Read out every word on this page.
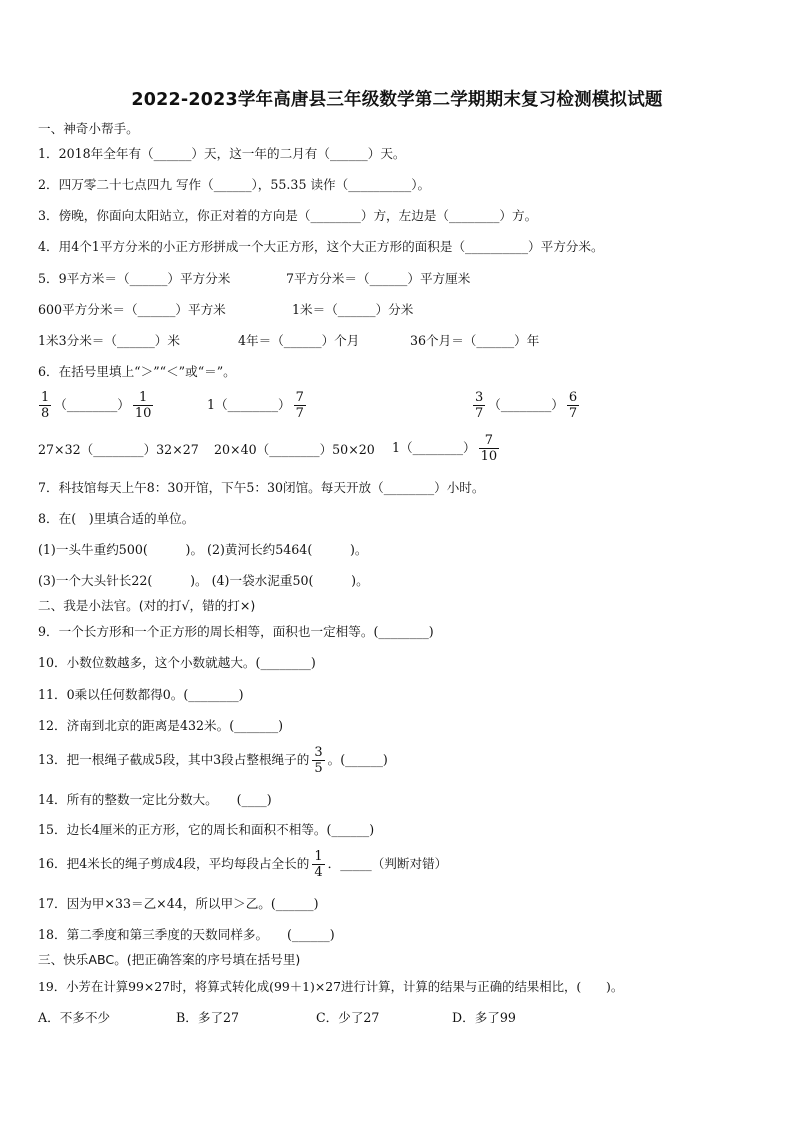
2022-2023学年高唐县三年级数学第二学期期末复习检测模拟试题
一、神奇小帮手。
1．2018年全年有（______）天，这一年的二月有（______）天。
2．四万零二十七点四九 写作（______），55.35 读作（__________）。
3．傍晚，你面向太阳站立，你正对着的方向是（________）方，左边是（________）方。
4．用4个1平方分米的小正方形拼成一个大正方形，这个大正方形的面积是（__________）平方分米。
5．9平方米＝（______）平方分米	7平方分米＝（______）平方厘米
600平方分米＝（______）平方米	1米＝（______）分米
1米3分米＝（______）米	4年＝（______）个月	36个月＝（______）年
6．在括号里填上“＞”“＜”或“＝”。
$\frac{1}{8}$ （________） $\frac{1}{10}$	1（________） $\frac{7}{7}$	$\frac{3}{7}$ （________） $\frac{6}{7}$
27×32（________）32×27 20×40（________）50×20 1（________） $\frac{7}{10}$
7．科技馆每天上午8：30开馆，下午5：30闭馆。每天开放（________）小时。
8．在(　)里填合适的单位。
(1)一头牛重约500(　　　)。 (2)黄河长约5464(　　　)。
(3)一个大头针长22(　　　)。 (4)一袋水泥重50(　　　)。
二、我是小法官。(对的打√，错的打×)
9．一个长方形和一个正方形的周长相等，面积也一定相等。(________)
10．小数位数越多，这个小数就越大。(________)
11．0乘以任何数都得0。(________)
12．济南到北京的距离是432米。(_______)
13．把一根绳子截成5段，其中3段占整根绳子的 $\frac{3}{5}$ 。(______)
14．所有的整数一定比分数大。　　(____)
15．边长4厘米的正方形，它的周长和面积不相等。(______)
16．把4米长的绳子剪成4段，平均每段占全长的 $\frac{1}{4}$ ．_____（判断对错）
17．因为甲×33＝乙×44，所以甲＞乙。(______)
18．第二季度和第三季度的天数同样多。　　(______)
三、快乐ABC。(把正确答案的序号填在括号里)
19．小芳在计算99×27时，将算式转化成(99＋1)×27进行计算，计算的结果与正确的结果相比，(　　)。
A．不多不少	B．多了27	C．少了27	D．多了99
